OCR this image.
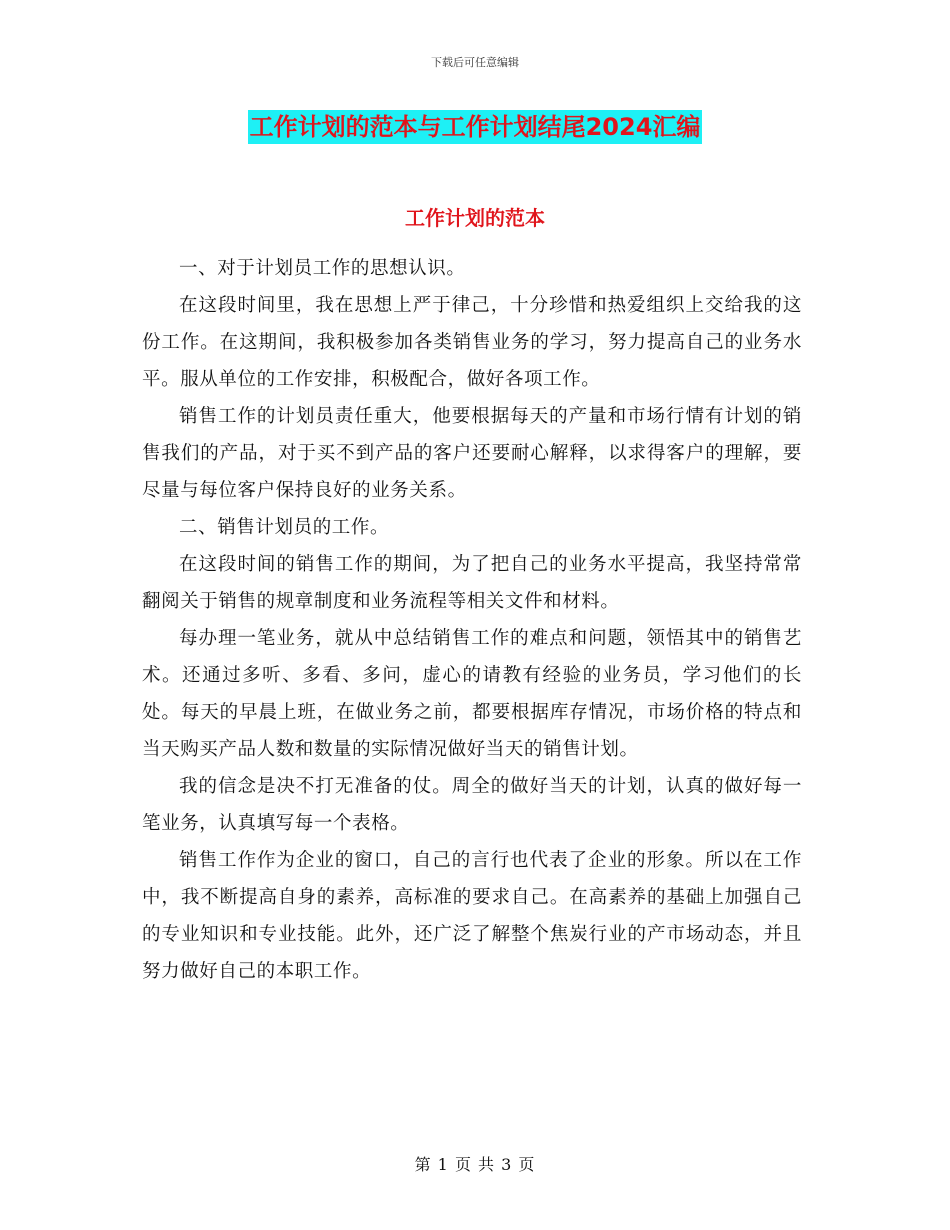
下载后可任意编辑
工作计划的范本与工作计划结尾2024汇编
工作计划的范本

一、对于计划员工作的思想认识。

在这段时间里，我在思想上严于律己，十分珍惜和热爱组织上交给我的这份工作。在这期间，我积极参加各类销售业务的学习，努力提高自己的业务水平。服从单位的工作安排，积极配合，做好各项工作。

销售工作的计划员责任重大，他要根据每天的产量和市场行情有计划的销售我们的产品，对于买不到产品的客户还要耐心解释，以求得客户的理解，要尽量与每位客户保持良好的业务关系。

二、销售计划员的工作。

在这段时间的销售工作的期间，为了把自己的业务水平提高，我坚持常常翻阅关于销售的规章制度和业务流程等相关文件和材料。

每办理一笔业务，就从中总结销售工作的难点和问题，领悟其中的销售艺术。还通过多听、多看、多问，虚心的请教有经验的业务员，学习他们的长处。每天的早晨上班，在做业务之前，都要根据库存情况，市场价格的特点和当天购买产品人数和数量的实际情况做好当天的销售计划。

我的信念是决不打无准备的仗。周全的做好当天的计划，认真的做好每一笔业务，认真填写每一个表格。

销售工作作为企业的窗口，自己的言行也代表了企业的形象。所以在工作中，我不断提高自身的素养，高标准的要求自己。在高素养的基础上加强自己的专业知识和专业技能。此外，还广泛了解整个焦炭行业的产市场动态，并且努力做好自己的本职工作。

第 1 页 共 3 页
